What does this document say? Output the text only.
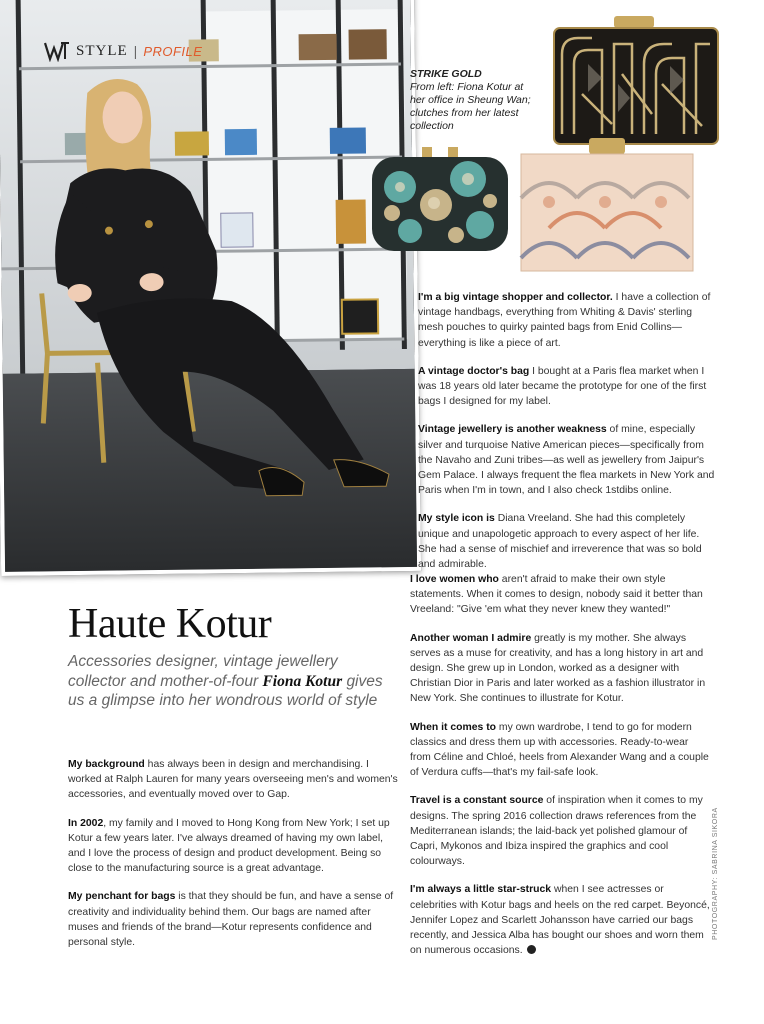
STYLE | PROFILE
STRIKE GOLD
From left: Fiona Kotur at her office in Sheung Wan; clutches from her latest collection

I'm a big vintage shopper and collector. I have a collection of vintage handbags, everything from Whiting & Davis' sterling mesh pouches to quirky painted bags from Enid Collins—everything is like a piece of art.

A vintage doctor's bag I bought at a Paris flea market when I was 18 years old later became the prototype for one of the first bags I designed for my label.

Vintage jewellery is another weakness of mine, especially silver and turquoise Native American pieces—specifically from the Navaho and Zuni tribes—as well as jewellery from Jaipur's Gem Palace. I always frequent the flea markets in New York and Paris when I'm in town, and I also check 1stdibs online.

My style icon is Diana Vreeland. She had this completely unique and unapologetic approach to every aspect of her life. She had a sense of mischief and irreverence that was so bold and admirable.

Haute Kotur

Accessories designer, vintage jewellery collector and mother-of-four Fiona Kotur gives us a glimpse into her wondrous world of style

My background has always been in design and merchandising. I worked at Ralph Lauren for many years overseeing men's and women's accessories, and eventually moved over to Gap.

In 2002, my family and I moved to Hong Kong from New York; I set up Kotur a few years later. I've always dreamed of having my own label, and I love the process of design and product development. Being so close to the manufacturing source is a great advantage.

My penchant for bags is that they should be fun, and have a sense of creativity and individuality behind them. Our bags are named after muses and friends of the brand—Kotur represents confidence and personal style.

I love women who aren't afraid to make their own style statements. When it comes to design, nobody said it better than Vreeland: "Give 'em what they never knew they wanted!"

Another woman I admire greatly is my mother. She always serves as a muse for creativity, and has a long history in art and design. She grew up in London, worked as a designer with Christian Dior in Paris and later worked as a fashion illustrator in New York. She continues to illustrate for Kotur.

When it comes to my own wardrobe, I tend to go for modern classics and dress them up with accessories. Ready-to-wear from Céline and Chloé, heels from Alexander Wang and a couple of Verdura cuffs—that's my fail-safe look.

Travel is a constant source of inspiration when it comes to my designs. The spring 2016 collection draws references from the Mediterranean islands; the laid-back yet polished glamour of Capri, Mykonos and Ibiza inspired the graphics and cool colourways.

I'm always a little star-struck when I see actresses or celebrities with Kotur bags and heels on the red carpet. Beyoncé, Jennifer Lopez and Scarlett Johansson have carried our bags recently, and Jessica Alba has bought our shoes and worn them on numerous occasions.

PHOTOGRAPHY: SABRINA SIKORA
